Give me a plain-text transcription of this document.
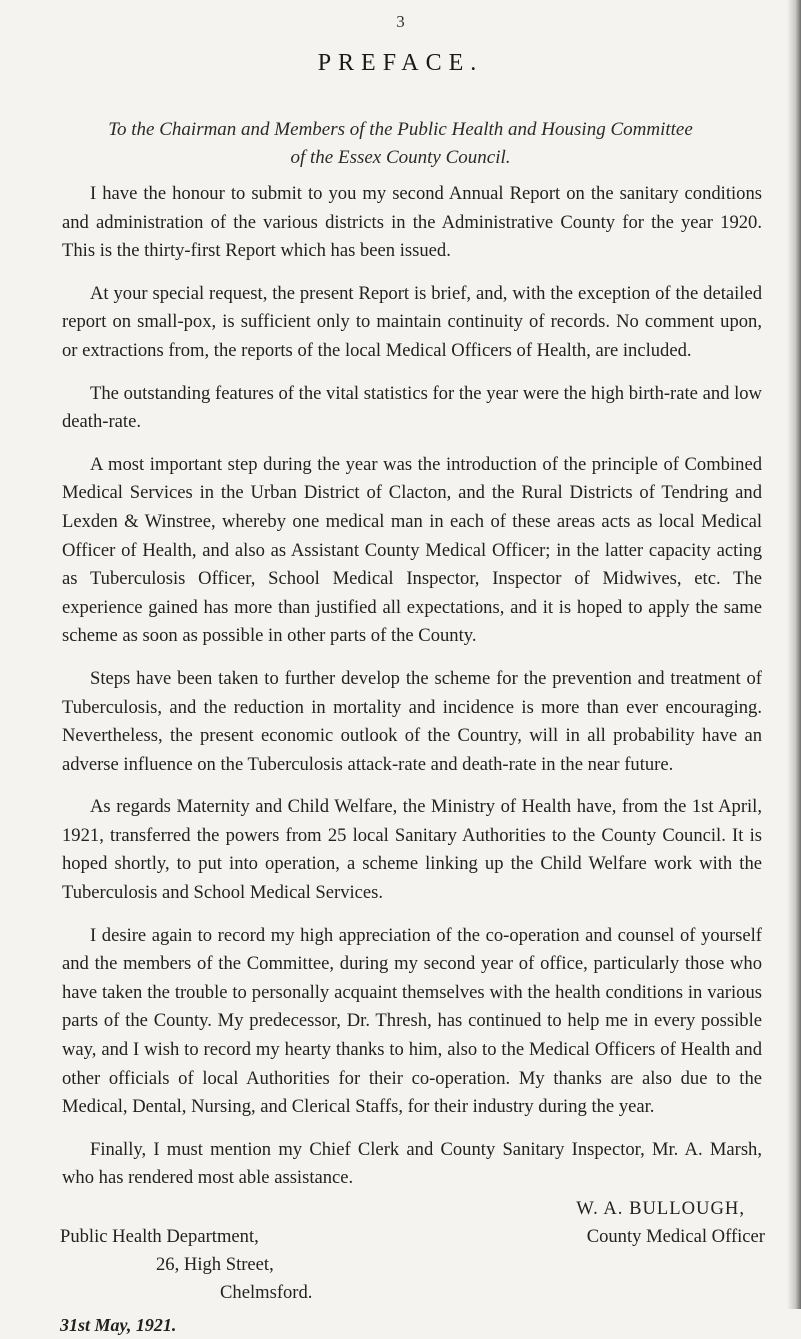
3
PREFACE.
To the Chairman and Members of the Public Health and Housing Committee
of the Essex County Council.

I have the honour to submit to you my second Annual Report on the sanitary conditions and administration of the various districts in the Administrative County for the year 1920. This is the thirty-first Report which has been issued.

At your special request, the present Report is brief, and, with the exception of the detailed report on small-pox, is sufficient only to maintain continuity of records. No comment upon, or extractions from, the reports of the local Medical Officers of Health, are included.

The outstanding features of the vital statistics for the year were the high birth-rate and low death-rate.

A most important step during the year was the introduction of the principle of Combined Medical Services in the Urban District of Clacton, and the Rural Districts of Tendring and Lexden & Winstree, whereby one medical man in each of these areas acts as local Medical Officer of Health, and also as Assistant County Medical Officer; in the latter capacity acting as Tuberculosis Officer, School Medical Inspector, Inspector of Midwives, etc. The experience gained has more than justified all expectations, and it is hoped to apply the same scheme as soon as possible in other parts of the County.

Steps have been taken to further develop the scheme for the prevention and treatment of Tuberculosis, and the reduction in mortality and incidence is more than ever encouraging. Nevertheless, the present economic outlook of the Country, will in all probability have an adverse influence on the Tuberculosis attack-rate and death-rate in the near future.

As regards Maternity and Child Welfare, the Ministry of Health have, from the 1st April, 1921, transferred the powers from 25 local Sanitary Authorities to the County Council. It is hoped shortly, to put into operation, a scheme linking up the Child Welfare work with the Tuberculosis and School Medical Services.

I desire again to record my high appreciation of the co-operation and counsel of yourself and the members of the Committee, during my second year of office, particularly those who have taken the trouble to personally acquaint themselves with the health conditions in various parts of the County. My predecessor, Dr. Thresh, has continued to help me in every possible way, and I wish to record my hearty thanks to him, also to the Medical Officers of Health and other officials of local Authorities for their co-operation. My thanks are also due to the Medical, Dental, Nursing, and Clerical Staffs, for their industry during the year.

Finally, I must mention my Chief Clerk and County Sanitary Inspector, Mr. A. Marsh, who has rendered most able assistance.

W. A. BULLOUGH,
County Medical Officer
Public Health Department,
26, High Street,
Chelmsford.
31st May, 1921.
